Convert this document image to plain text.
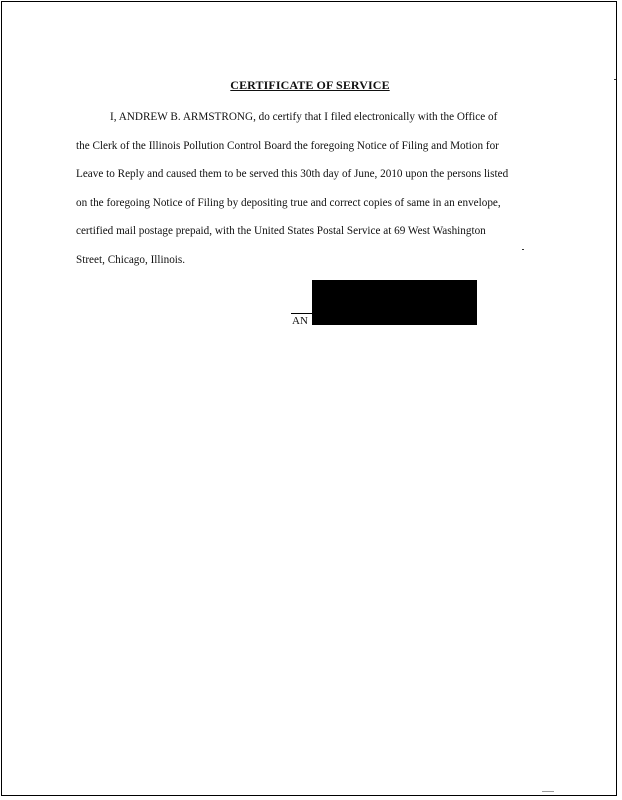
CERTIFICATE OF SERVICE
I, ANDREW B. ARMSTRONG, do certify that I filed electronically with the Office of
the Clerk of the Illinois Pollution Control Board the foregoing Notice of Filing and Motion for
Leave to Reply and caused them to be served this 30th day of June, 2010 upon the persons listed
on the foregoing Notice of Filing by depositing true and correct copies of same in an envelope,
certified mail postage prepaid, with the United States Postal Service at 69 West Washington
Street, Chicago, Illinois.
AN
